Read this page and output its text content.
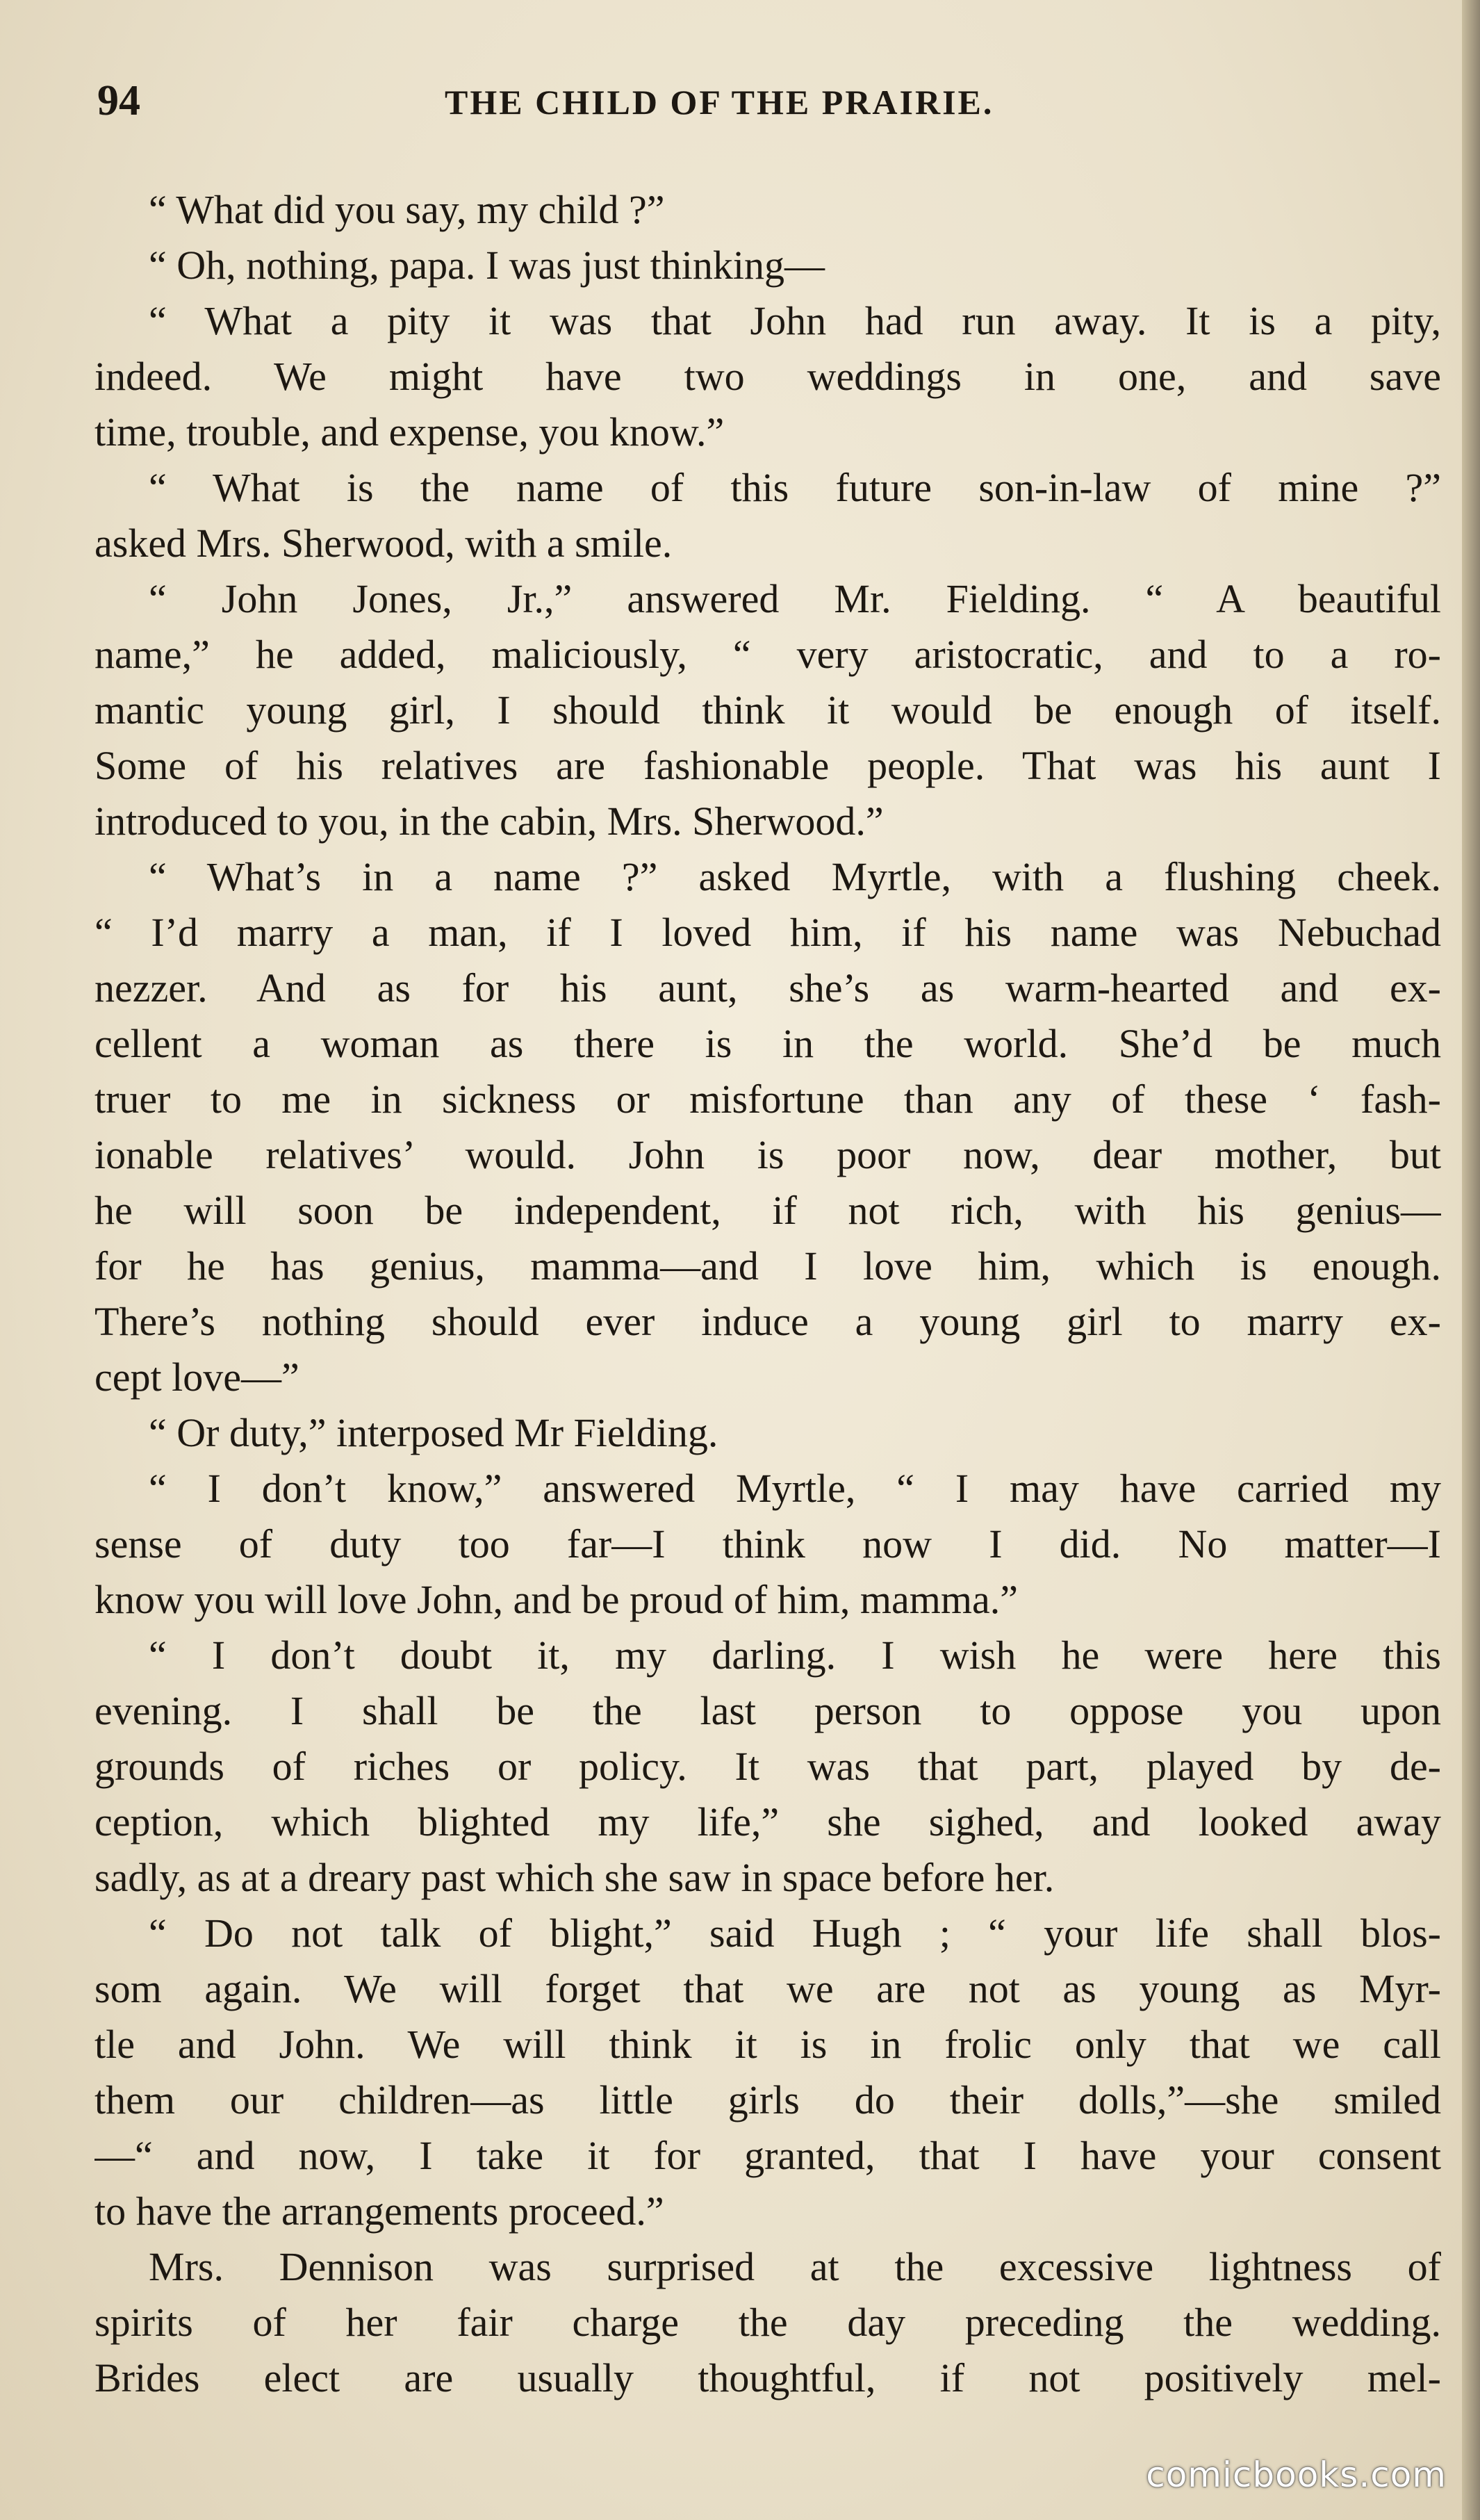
94	THE CHILD OF THE PRAIRIE.
“ What did you say, my child ?”
“ Oh, nothing, papa. I was just thinking—
“ What a pity it was that John had run away. It is a pity,
indeed. We might have two weddings in one, and save
time, trouble, and expense, you know.”
“ What is the name of this future son-in-law of mine ?”
asked Mrs. Sherwood, with a smile.
“ John Jones, Jr.,” answered Mr. Fielding. “ A beautiful
name,” he added, maliciously, “ very aristocratic, and to a ro-
mantic young girl, I should think it would be enough of itself.
Some of his relatives are fashionable people. That was his aunt I
introduced to you, in the cabin, Mrs. Sherwood.”
“ What’s in a name ?” asked Myrtle, with a flushing cheek.
“ I’d marry a man, if I loved him, if his name was Nebuchad
nezzer. And as for his aunt, she’s as warm-hearted and ex-
cellent a woman as there is in the world. She’d be much
truer to me in sickness or misfortune than any of these ‘ fash-
ionable relatives’ would. John is poor now, dear mother, but
he will soon be independent, if not rich, with his genius—
for he has genius, mamma—and I love him, which is enough.
There’s nothing should ever induce a young girl to marry ex-
cept love—”
“ Or duty,” interposed Mr Fielding.
“ I don’t know,” answered Myrtle, “ I may have carried my
sense of duty too far—I think now I did. No matter—I
know you will love John, and be proud of him, mamma.”
“ I don’t doubt it, my darling. I wish he were here this
evening. I shall be the last person to oppose you upon
grounds of riches or policy. It was that part, played by de-
ception, which blighted my life,” she sighed, and looked away
sadly, as at a dreary past which she saw in space before her.
“ Do not talk of blight,” said Hugh ; “ your life shall blos-
som again. We will forget that we are not as young as Myr-
tle and John. We will think it is in frolic only that we call
them our children—as little girls do their dolls,”—she smiled
—“ and now, I take it for granted, that I have your consent
to have the arrangements proceed.”
Mrs. Dennison was surprised at the excessive lightness of
spirits of her fair charge the day preceding the wedding.
Brides elect are usually thoughtful, if not positively mel-
comicbooks.com
